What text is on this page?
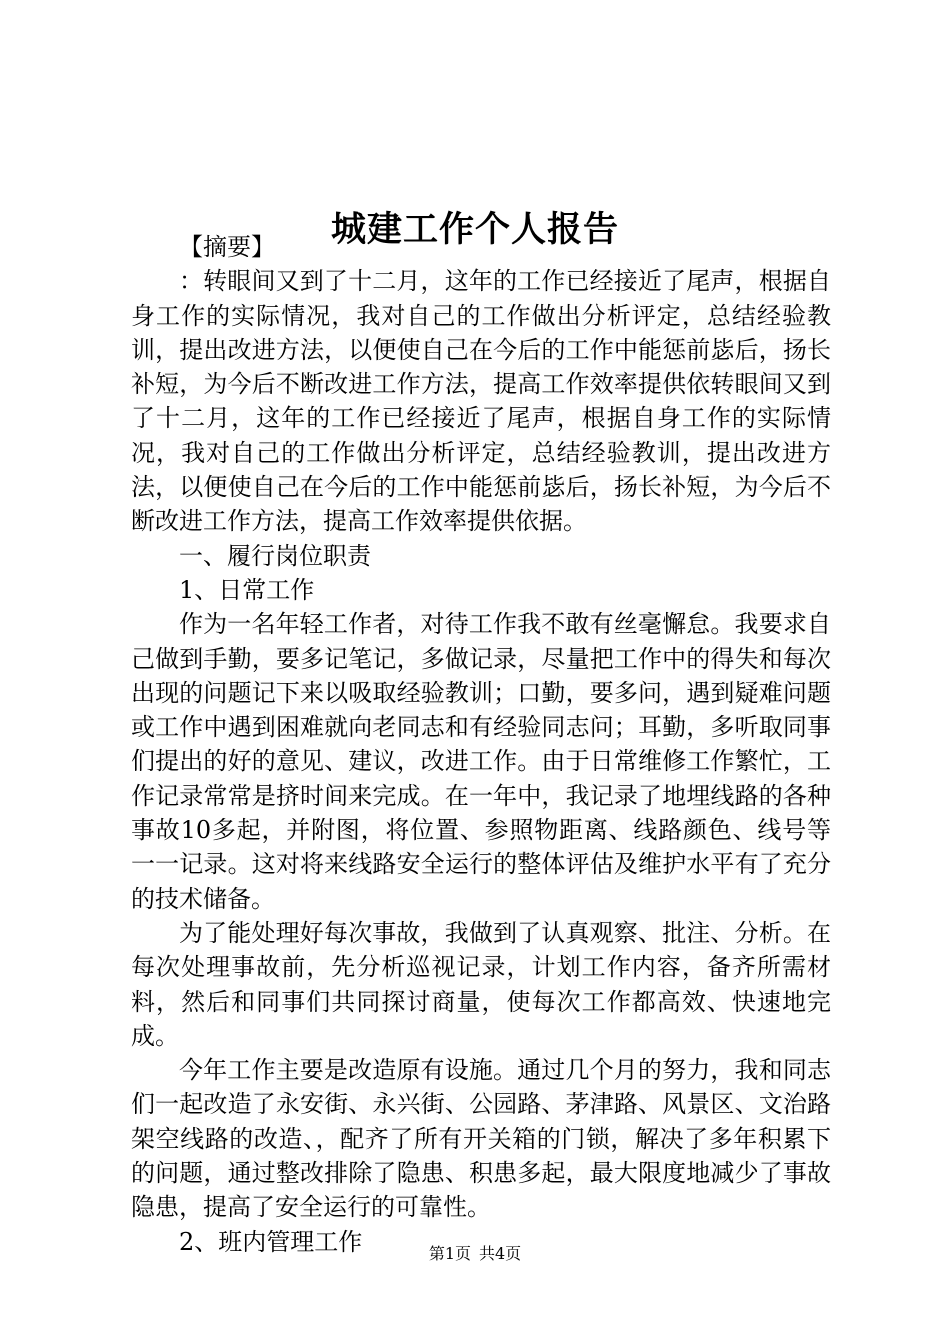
城建工作个人报告

【摘要】

：转眼间又到了十二月，这年的工作已经接近了尾声，根据自身工作的实际情况，我对自己的工作做出分析评定，总结经验教训，提出改进方法，以便使自己在今后的工作中能惩前毖后，扬长补短，为今后不断改进工作方法，提高工作效率提供依转眼间又到了十二月，这年的工作已经接近了尾声，根据自身工作的实际情况，我对自己的工作做出分析评定，总结经验教训，提出改进方法，以便使自己在今后的工作中能惩前毖后，扬长补短，为今后不断改进工作方法，提高工作效率提供依据。

一、履行岗位职责

1、日常工作

作为一名年轻工作者，对待工作我不敢有丝毫懈怠。我要求自己做到手勤，要多记笔记，多做记录，尽量把工作中的得失和每次出现的问题记下来以吸取经验教训；口勤，要多问，遇到疑难问题或工作中遇到困难就向老同志和有经验同志问；耳勤，多听取同事们提出的好的意见、建议，改进工作。由于日常维修工作繁忙，工作记录常常是挤时间来完成。在一年中，我记录了地埋线路的各种事故10多起，并附图，将位置、参照物距离、线路颜色、线号等一一记录。这对将来线路安全运行的整体评估及维护水平有了充分的技术储备。

为了能处理好每次事故，我做到了认真观察、批注、分析。在每次处理事故前，先分析巡视记录，计划工作内容，备齐所需材料，然后和同事们共同探讨商量，使每次工作都高效、快速地完成。

今年工作主要是改造原有设施。通过几个月的努力，我和同志们一起改造了永安街、永兴街、公园路、茅津路、风景区、文治路架空线路的改造、，配齐了所有开关箱的门锁，解决了多年积累下的问题，通过整改排除了隐患、积患多起，最大限度地减少了事故隐患，提高了安全运行的可靠性。

2、班内管理工作	第1页 共4页
